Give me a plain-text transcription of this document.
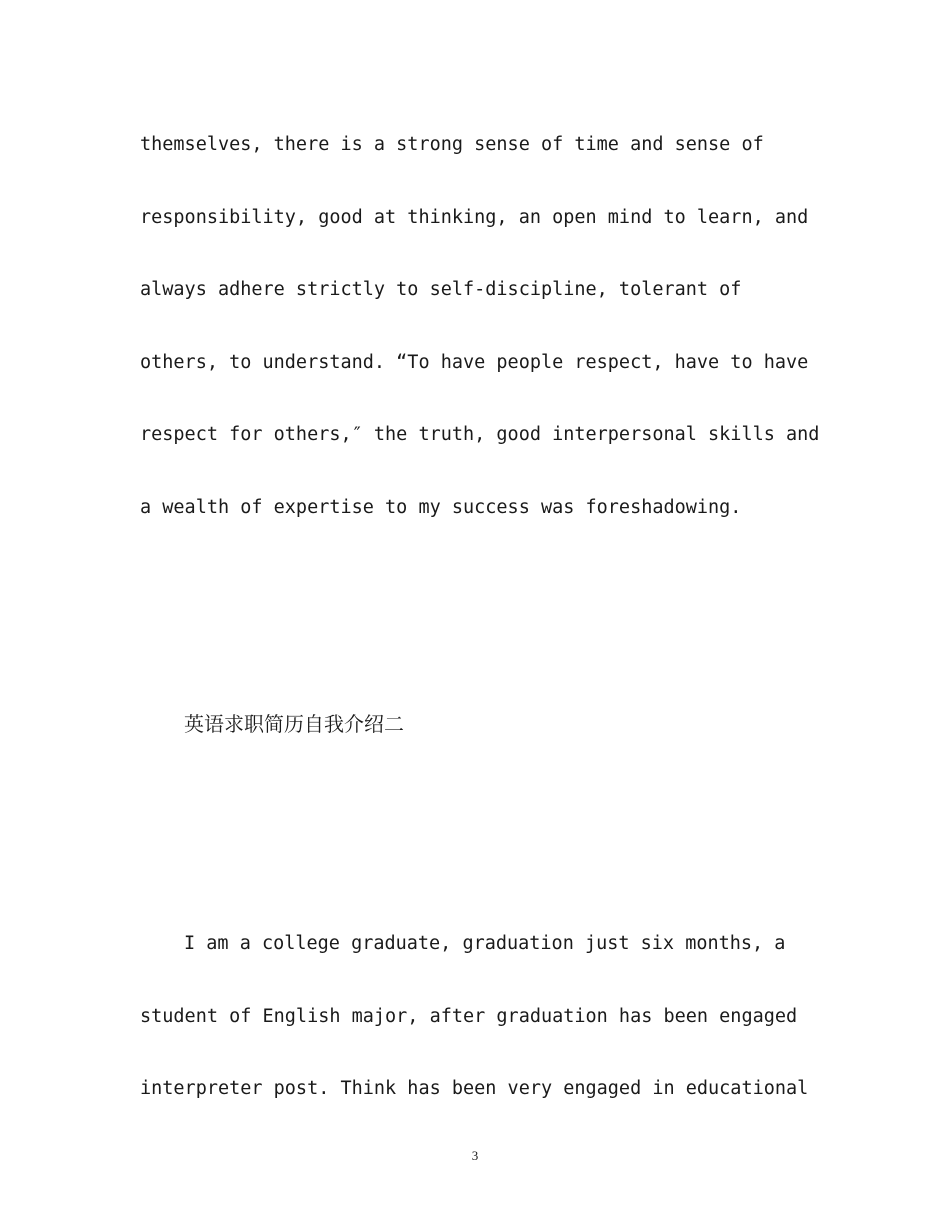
themselves, there is a strong sense of time and sense of
responsibility, good at thinking, an open mind to learn, and
always adhere strictly to self-discipline, tolerant of
others, to understand. “To have people respect, have to have
respect for others,″ the truth, good interpersonal skills and
a wealth of expertise to my success was foreshadowing.
英语求职简历自我介绍二
I am a college graduate, graduation just six months, a
student of English major, after graduation has been engaged
interpreter post. Think has been very engaged in educational
3
